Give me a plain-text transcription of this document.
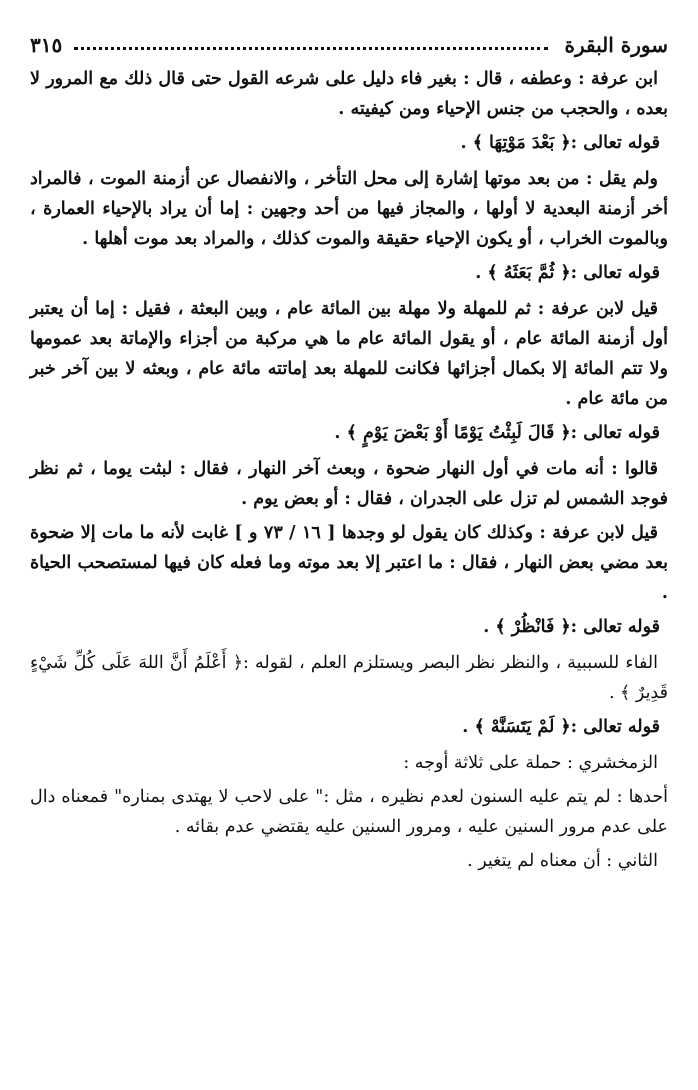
سورة البقرة
٣١٥

ابن عرفة : وعطفه ، قال : بغير فاء دليل على شرعه القول حتى قال ذلك مع المرور لا بعده ، والحجب من جنس الإحياء ومن كيفيته .

قوله تعالى :﴿ بَعْدَ مَوْتِهَا ﴾ .

ولم يقل : من بعد موتها إشارة إلى محل التأخر ، والانفصال عن أزمنة الموت ، فالمراد أخر أزمنة البعدية لا أولها ، والمجاز فيها من أحد وجهين : إما أن يراد بالإحياء العمارة ، وبالموت الخراب ، أو يكون الإحياء حقيقة والموت كذلك ، والمراد بعد موت أهلها .

قوله تعالى :﴿ ثُمَّ بَعَثَهُ ﴾ .

قيل لابن عرفة : ثم للمهلة ولا مهلة بين المائة عام ، وبين البعثة ، فقيل : إما أن يعتبر أول أزمنة المائة عام ، أو يقول المائة عام ما هي مركبة من أجزاء والإماتة بعد عمومها ولا تتم المائة إلا بكمال أجزائها فكانت للمهلة بعد إماتته مائة عام ، وبعثه لا بين آخر خبر من مائة عام .

قوله تعالى :﴿ قَالَ لَبِثْتُ يَوْمًا أَوْ بَعْضَ يَوْمٍ ﴾ .

قالوا : أنه مات في أول النهار ضحوة ، وبعث آخر النهار ، فقال : لبثت يوما ، ثم نظر فوجد الشمس لم تزل على الجدران ، فقال : أو بعض يوم .

قيل لابن عرفة : وكذلك كان يقول لو وجدها [ ١٦ / ٧٣ و ] غابت لأنه ما مات إلا ضحوة بعد مضي بعض النهار ، فقال : ما اعتبر إلا بعد موته وما فعله كان فيها لمستصحب الحياة .

قوله تعالى :﴿ فَانْظُرْ ﴾ .

الفاء للسببية ، والنظر نظر البصر ويستلزم العلم ، لقوله :﴿ أَعْلَمُ أَنَّ اللهَ عَلَى كُلِّ شَيْءٍ قَدِيرٌ ﴾ .

قوله تعالى :﴿ لَمْ يَتَسَنَّهْ ﴾ .

الزمخشري : حملة على ثلاثة أوجه :

أحدها : لم يتم عليه السنون لعدم نظيره ، مثل :" على لاحب لا يهتدى بمناره" فمعناه دال على عدم مرور السنين عليه ، ومرور السنين عليه يقتضي عدم بقائه .

الثاني : أن معناه لم يتغير .
